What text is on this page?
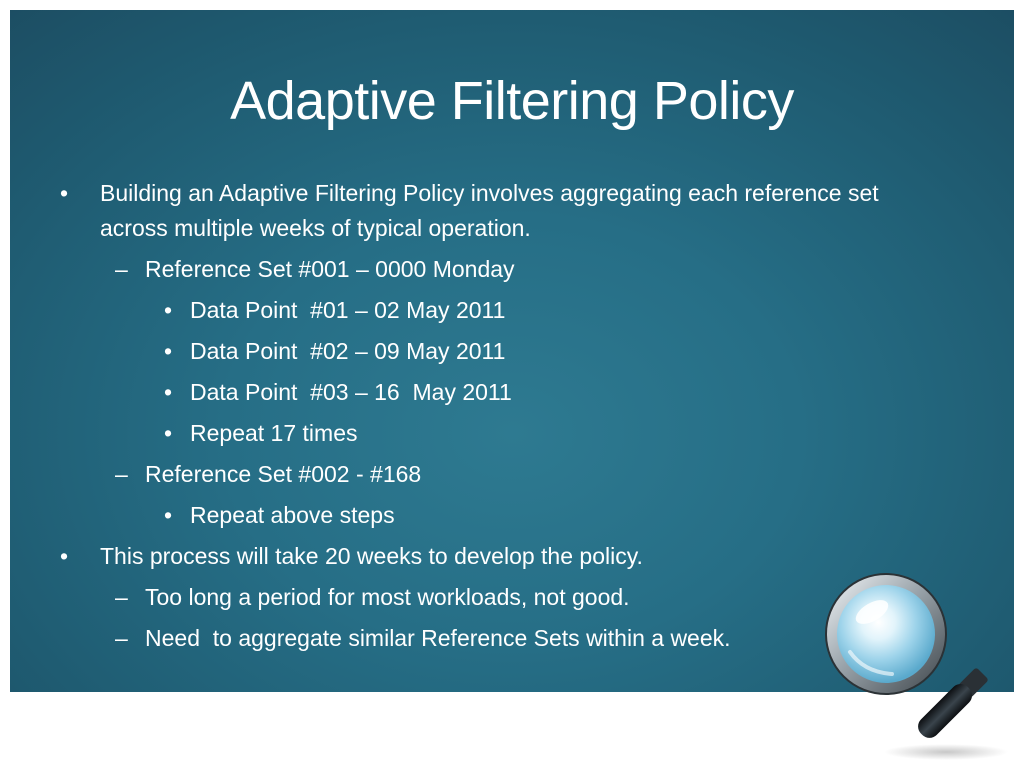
Adaptive Filtering Policy
• Building an Adaptive Filtering Policy involves aggregating each reference set across multiple weeks of typical operation.
– Reference Set #001 – 0000 Monday
• Data Point  #01 – 02 May 2011
• Data Point  #02 – 09 May 2011
• Data Point  #03 – 16  May 2011
• Repeat 17 times
– Reference Set #002 - #168
• Repeat above steps
• This process will take 20 weeks to develop the policy.
– Too long a period for most workloads, not good.
– Need  to aggregate similar Reference Sets within a week.
